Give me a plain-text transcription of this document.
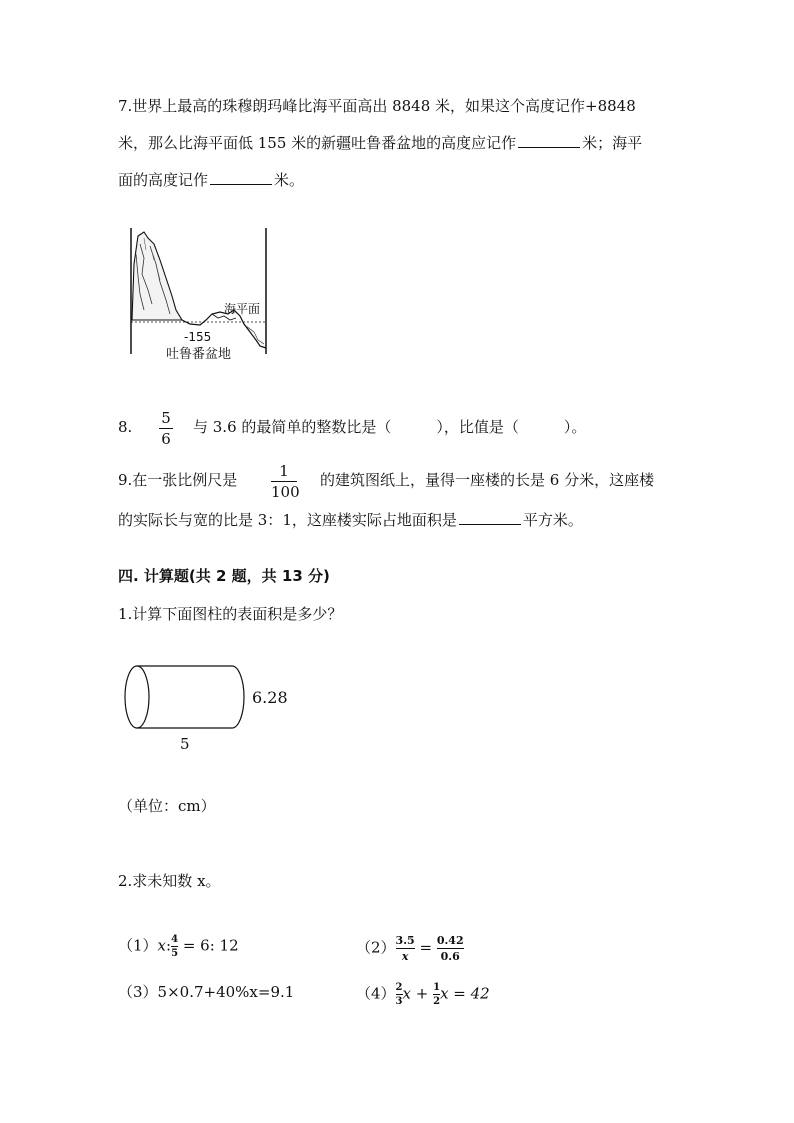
7.世界上最高的珠穆朗玛峰比海平面高出 8848 米，如果这个高度记作+8848
米，那么比海平面低 155 米的新疆吐鲁番盆地的高度应记作	米；海平
面的高度记作	米。
海平面
-155
吐鲁番盆地
8. 5
6
与 3.6 的最简单的整数比是（　　　），比值是（　　　）。
9.在一张比例尺是	1
100
的建筑图纸上，量得一座楼的长是 6 分米，这座楼
的实际长与宽的比是 3：1，这座楼实际占地面积是	平方米。
四. 计算题(共 2 题，共 13 分)
1.计算下面图柱的表面积是多少？
6.28
5
（单位：cm）
2.求未知数 x。
$(1)x:\frac{4}{5} = 6$: 12	$(2)\frac{3.5}{x} = \frac{0.42}{0.6}$
（3）5×0.7+40%x=9.1	$(4)\frac{2}{3}x + \frac{1}{2}x = 42$
